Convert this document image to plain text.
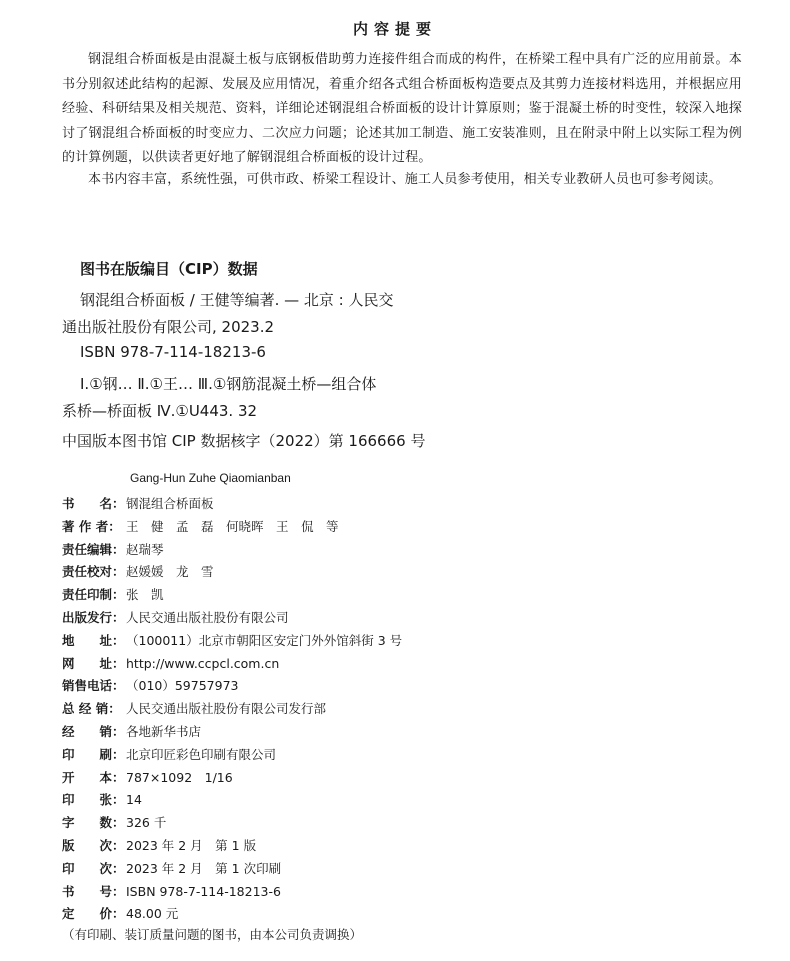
内容提要
钢混组合桥面板是由混凝土板与底钢板借助剪力连接件组合而成的构件，在桥梁工程中具有广泛的应用前景。本书分别叙述此结构的起源、发展及应用情况，着重介绍各式组合桥面板构造要点及其剪力连接材料选用，并根据应用经验、科研结果及相关规范、资料，详细论述钢混组合桥面板的设计计算原则；鉴于混凝土桥的时变性，较深入地探讨了钢混组合桥面板的时变应力、二次应力问题；论述其加工制造、施工安装准则，且在附录中附上以实际工程为例的计算例题，以供读者更好地了解钢混组合桥面板的设计过程。
本书内容丰富，系统性强，可供市政、桥梁工程设计、施工人员参考使用，相关专业教研人员也可参考阅读。
图书在版编目（CIP）数据
钢混组合桥面板 / 王健等编著. — 北京 : 人民交
通出版社股份有限公司, 2023.2
ISBN 978-7-114-18213-6
Ⅰ.①钢… Ⅱ.①王… Ⅲ.①钢筋混凝土桥—组合体
系桥—桥面板 Ⅳ.①U443. 32
中国版本图书馆 CIP 数据核字（2022）第 166666 号
Gang-Hun Zuhe Qiaomianban
书　　名：钢混组合桥面板
著 作 者： 王　健　孟　磊　何晓晖　王　侃　等
责任编辑：赵瑞琴
责任校对：赵媛媛　龙　雪
责任印制：张　凯
出版发行：人民交通出版社股份有限公司
地　　址：（100011）北京市朝阳区安定门外外馆斜街 3 号
网　　址：http://www.ccpcl.com.cn
销售电话：（010）59757973
总 经 销： 人民交通出版社股份有限公司发行部
经　　销：各地新华书店
印　　刷：北京印匠彩色印刷有限公司
开　　本：787×1092　1/16
印　　张：14
字　　数：326 千
版　　次：2023 年 2 月　第 1 版
印　　次：2023 年 2 月　第 1 次印刷
书　　号：ISBN 978-7-114-18213-6
定　　价：48.00 元
（有印刷、装订质量问题的图书，由本公司负责调换）
